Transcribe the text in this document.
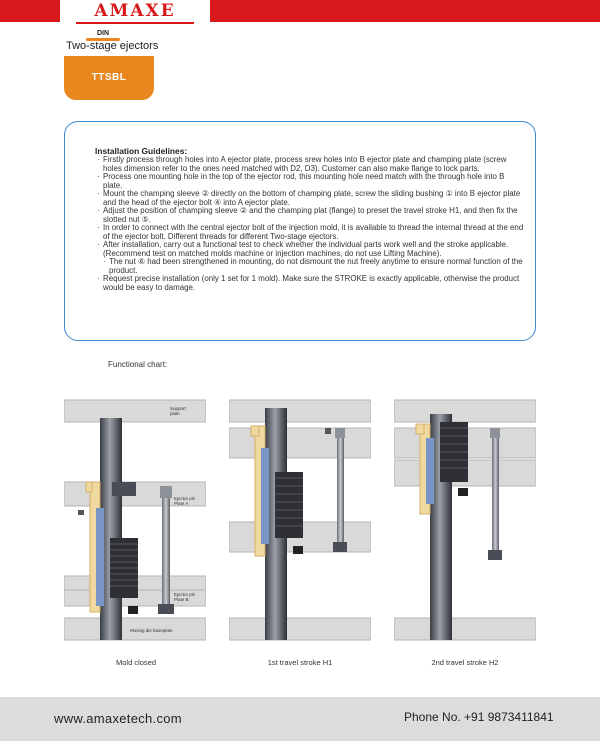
AMAXE
DIN
Two-stage ejectors
TTSBL
Installation Guidelines:
· Firstly process through holes into A ejector plate, process srew holes into B ejector plate and champing plate (screw holes dimension refer to the ones need matched with D2, D3). Customer can also make flange to lock parts.
· Process one mounting hole in the top of the ejector rod, this mounting hole need match with the through hole into B plate.
· Mount the champing sleeve ② directly on the bottom of champing plate, screw the sliding bushing ① into B ejector plate and the head of the ejector bolt ④ into A ejector plate.
· Adjust the position of champing sleeve ② and the champing plat (flange) to preset the travel stroke H1, and then fix the slotted nut ⑤.
· In order to connect with the central ejector bolt of the injection mold, it is available to thread the internal thread at the end of the ejector bolt. Different threads for different Two-stage ejectors.
· After installation, carry out a functional test to check whether the individual parts work well and the stroke applicable. (Recommend test on matched molds machine or injection machines, do not use Lifting Machine).
· The nut ⑥ had been strengthened in mounting, do not dismount the nut freely anytime to ensure normal function of the product.
· Request precise installation (only 1 set for 1 mold). Make sure the STROKE is exactly applicable, otherwise the product would be easy to damage.
Functional chart:
Support plate
Ejector pin Plate A
Ejector pin Plate B
Moving die baseplate
Mold closed	1st travel stroke H1	2nd travel stroke H2
www.amaxetech.com	Phone No. +91 9873411841
